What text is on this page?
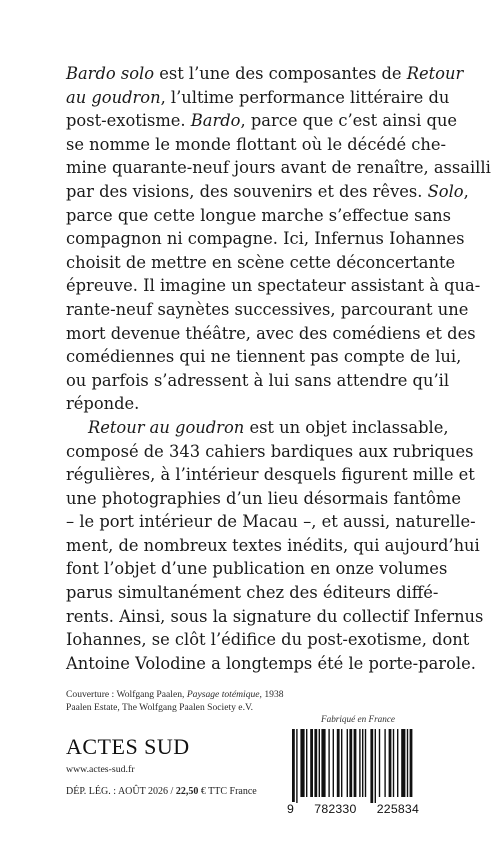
Bardo solo est l’une des composantes de Retour
au goudron, l’ultime performance littéraire du
post-exotisme. Bardo, parce que c’est ainsi que
se nomme le monde flottant où le décédé che-
mine quarante-neuf jours avant de renaître, assailli
par des visions, des souvenirs et des rêves. Solo,
parce que cette longue marche s’effectue sans
compagnon ni compagne. Ici, Infernus Iohannes
choisit de mettre en scène cette déconcertante
épreuve. Il imagine un spectateur assistant à qua-
rante-neuf saynètes successives, parcourant une
mort devenue théâtre, avec des comédiens et des
comédiennes qui ne tiennent pas compte de lui,
ou parfois s’adressent à lui sans attendre qu’il
réponde.
Retour au goudron est un objet inclassable,
composé de 343 cahiers bardiques aux rubriques
régulières, à l’intérieur desquels figurent mille et
une photographies d’un lieu désormais fantôme
– le port intérieur de Macau –, et aussi, naturelle-
ment, de nombreux textes inédits, qui aujourd’hui
font l’objet d’une publication en onze volumes
parus simultanément chez des éditeurs diffé-
rents. Ainsi, sous la signature du collectif Infernus
Iohannes, se clôt l’édifice du post-exotisme, dont
Antoine Volodine a longtemps été le porte-parole.
Couverture : Wolfgang Paalen, Paysage totémique, 1938
Paalen Estate, The Wolfgang Paalen Society e.V.
Fabriqué en France
9 782330 225834
ACTES SUD
www.actes-sud.fr
DÉP. LÉG. : AOÛT 2026 / 22,50 € TTC France
